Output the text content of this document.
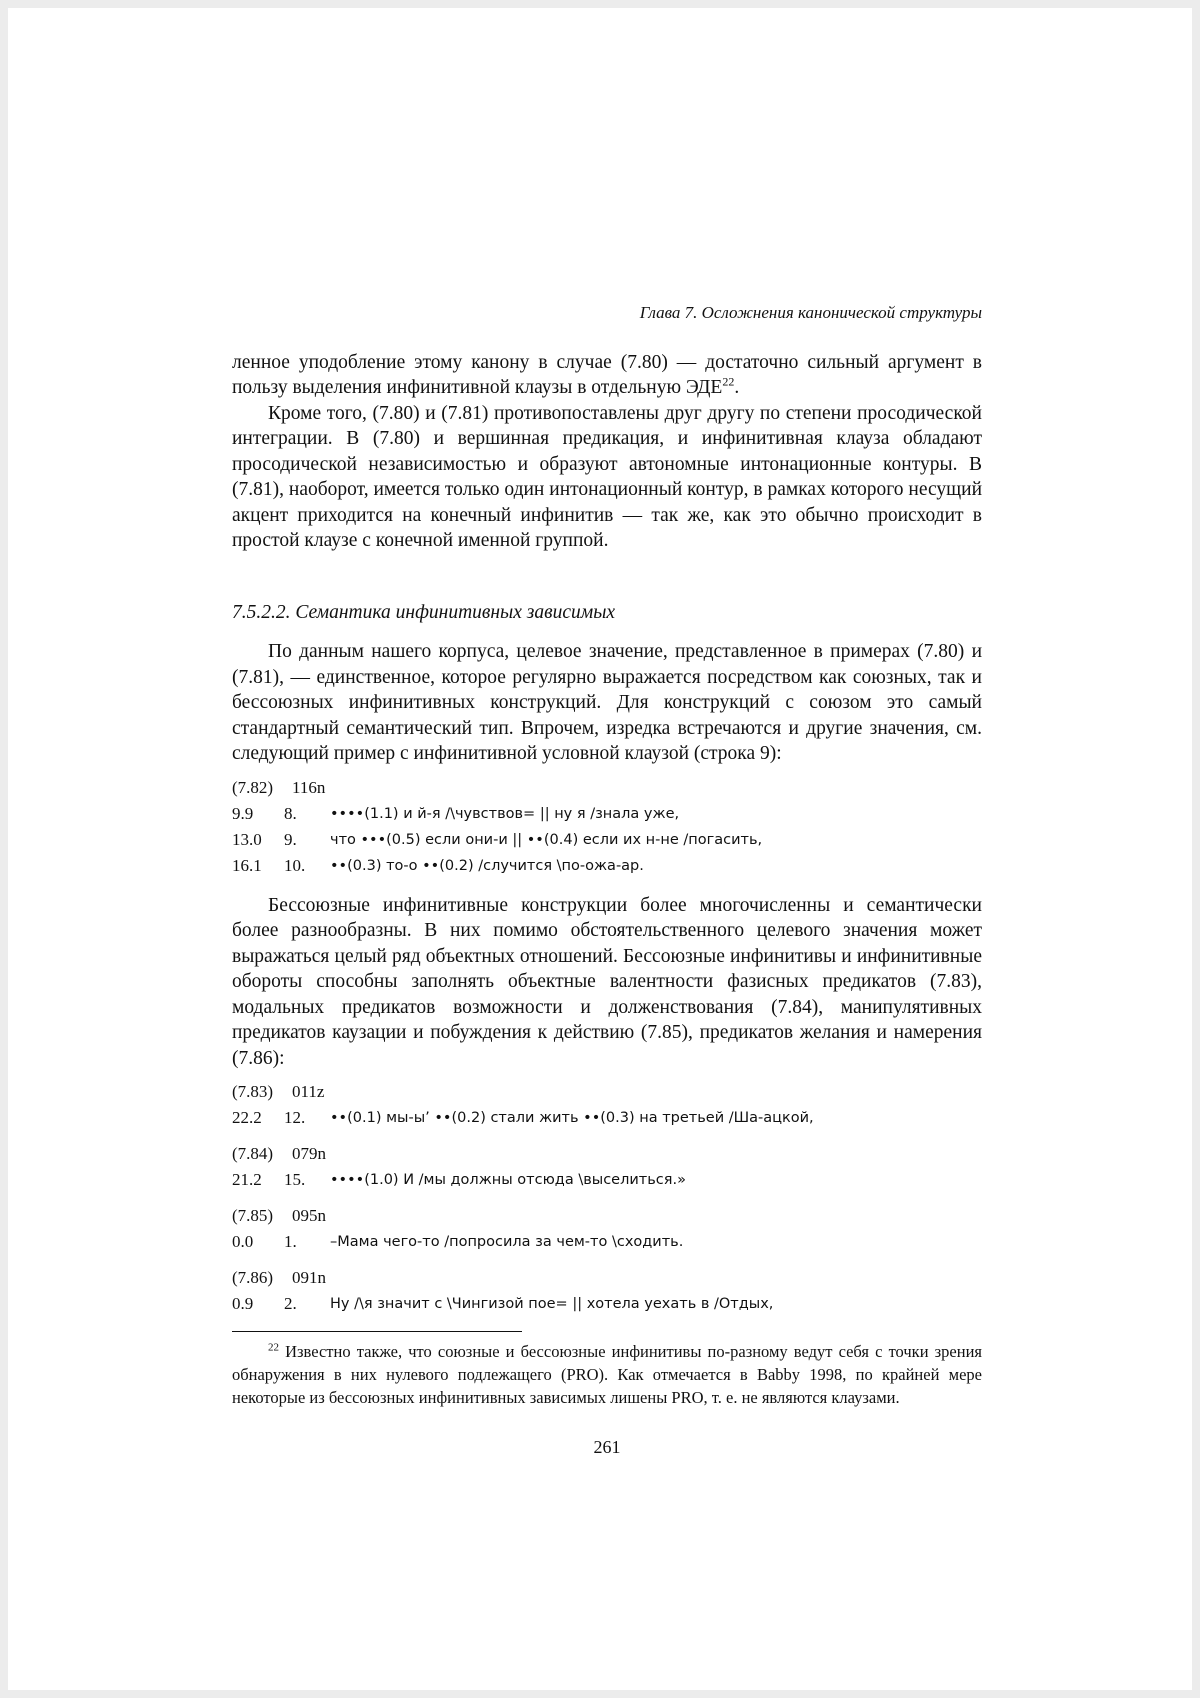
Глава 7. Осложнения канонической структуры

ленное уподобление этому канону в случае (7.80) — достаточно сильный аргумент в пользу выделения инфинитивной клаузы в отдельную ЭДЕ$^{22}$.

Кроме того, (7.80) и (7.81) противопоставлены друг другу по степени просодической интеграции. В (7.80) и вершинная предикация, и инфинитивная клауза обладают просодической независимостью и образуют автономные интонационные контуры. В (7.81), наоборот, имеется только один интонационный контур, в рамках которого несущий акцент приходится на конечный инфинитив — так же, как это обычно происходит в простой клаузе с конечной именной группой.

7.5.2.2. Семантика инфинитивных зависимых

По данным нашего корпуса, целевое значение, представленное в примерах (7.80) и (7.81), — единственное, которое регулярно выражается посредством как союзных, так и бессоюзных инфинитивных конструкций. Для конструкций с союзом это самый стандартный семантический тип. Впрочем, изредка встречаются и другие значения, см. следующий пример с инфинитивной условной клаузой (строка 9):

(7.82)	116n
9.9	8.	••••(1.1) и й-я /\чувствов= || ну я /знала уже,
13.0	9.	что •••(0.5) если они-и || ••(0.4) если их н-не /погасить,
16.1	10.	••(0.3) то-о ••(0.2) /случится \по-ожа-ар.

Бессоюзные инфинитивные конструкции более многочисленны и семантически более разнообразны. В них помимо обстоятельственного целевого значения может выражаться целый ряд объектных отношений. Бессоюзные инфинитивы и инфинитивные обороты способны заполнять объектные валентности фазисных предикатов (7.83), модальных предикатов возможности и долженствования (7.84), манипулятивных предикатов каузации и побуждения к действию (7.85), предикатов желания и намерения (7.86):

(7.83)	011z
22.2	12.	••(0.1) мы-ы’ ••(0.2) стали жить ••(0.3) на третьей /Ша-ацкой,
(7.84)	079n
21.2	15.	••••(1.0) И /мы должны отсюда \выселиться.»
(7.85)	095n
0.0	1.	–Мама чего-то /попросила за чем-то \сходить.
(7.86)	091n
0.9	2.	Ну /\я значит с \Чингизой пое= || хотела уехать в /Отдых,

$^{22}$ Известно также, что союзные и бессоюзные инфинитивы по-разному ведут себя с точки зрения обнаружения в них нулевого подлежащего (PRO). Как отмечается в Babby 1998, по крайней мере некоторые из бессоюзных инфинитивных зависимых лишены PRO, т. е. не являются клаузами.

261
